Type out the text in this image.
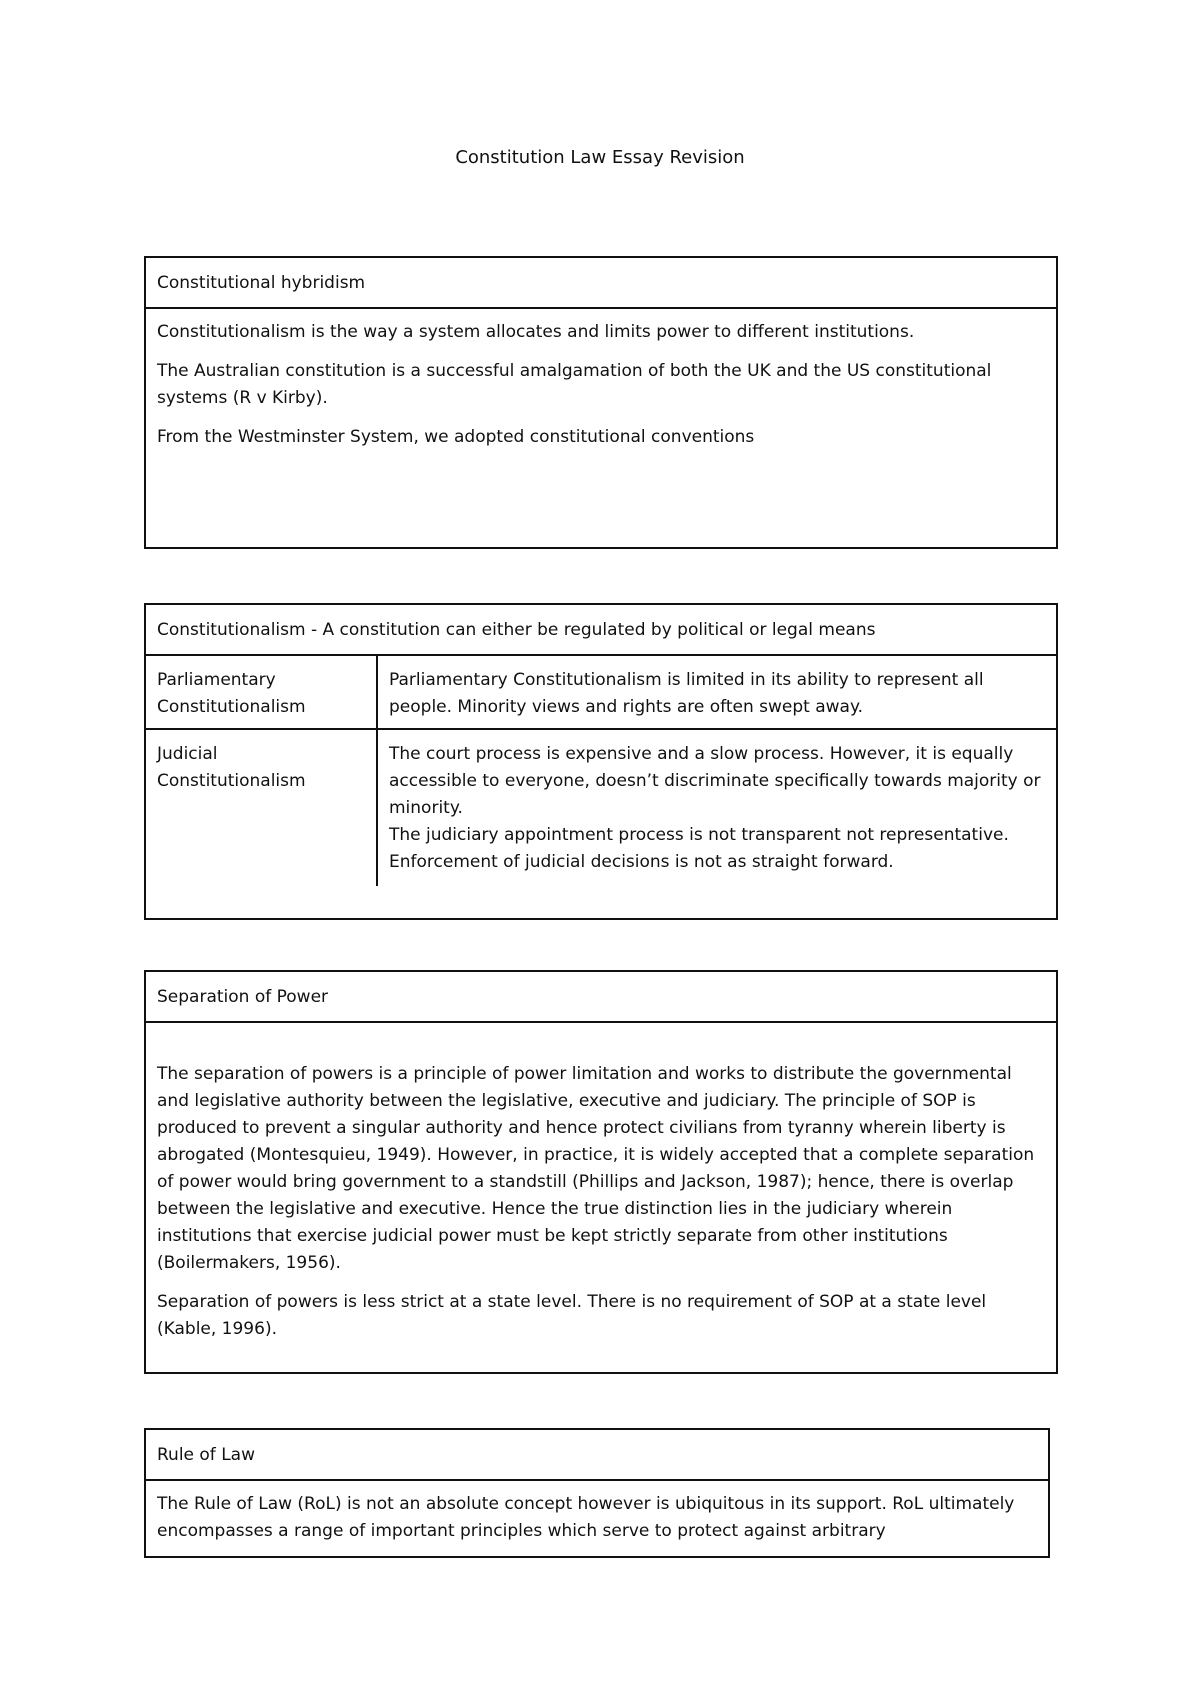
Constitution Law Essay Revision
Constitutional hybridism

Constitutionalism is the way a system allocates and limits power to different institutions.

The Australian constitution is a successful amalgamation of both the UK and the US constitutional systems (R v Kirby).

From the Westminster System, we adopted constitutional conventions

Constitutionalism - A constitution can either be regulated by political or legal means
Parliamentary Constitutionalism
Parliamentary Constitutionalism is limited in its ability to represent all people. Minority views and rights are often swept away.
Judicial Constitutionalism
The court process is expensive and a slow process. However, it is equally accessible to everyone, doesn’t discriminate specifically towards majority or minority.
The judiciary appointment process is not transparent not representative.
Enforcement of judicial decisions is not as straight forward.
Separation of Power

The separation of powers is a principle of power limitation and works to distribute the governmental and legislative authority between the legislative, executive and judiciary. The principle of SOP is produced to prevent a singular authority and hence protect civilians from tyranny wherein liberty is abrogated (Montesquieu, 1949). However, in practice, it is widely accepted that a complete separation of power would bring government to a standstill (Phillips and Jackson, 1987); hence, there is overlap between the legislative and executive. Hence the true distinction lies in the judiciary wherein institutions that exercise judicial power must be kept strictly separate from other institutions (Boilermakers, 1956).

Separation of powers is less strict at a state level. There is no requirement of SOP at a state level (Kable, 1996).

Rule of Law

The Rule of Law (RoL) is not an absolute concept however is ubiquitous in its support. RoL ultimately encompasses a range of important principles which serve to protect against arbitrary
